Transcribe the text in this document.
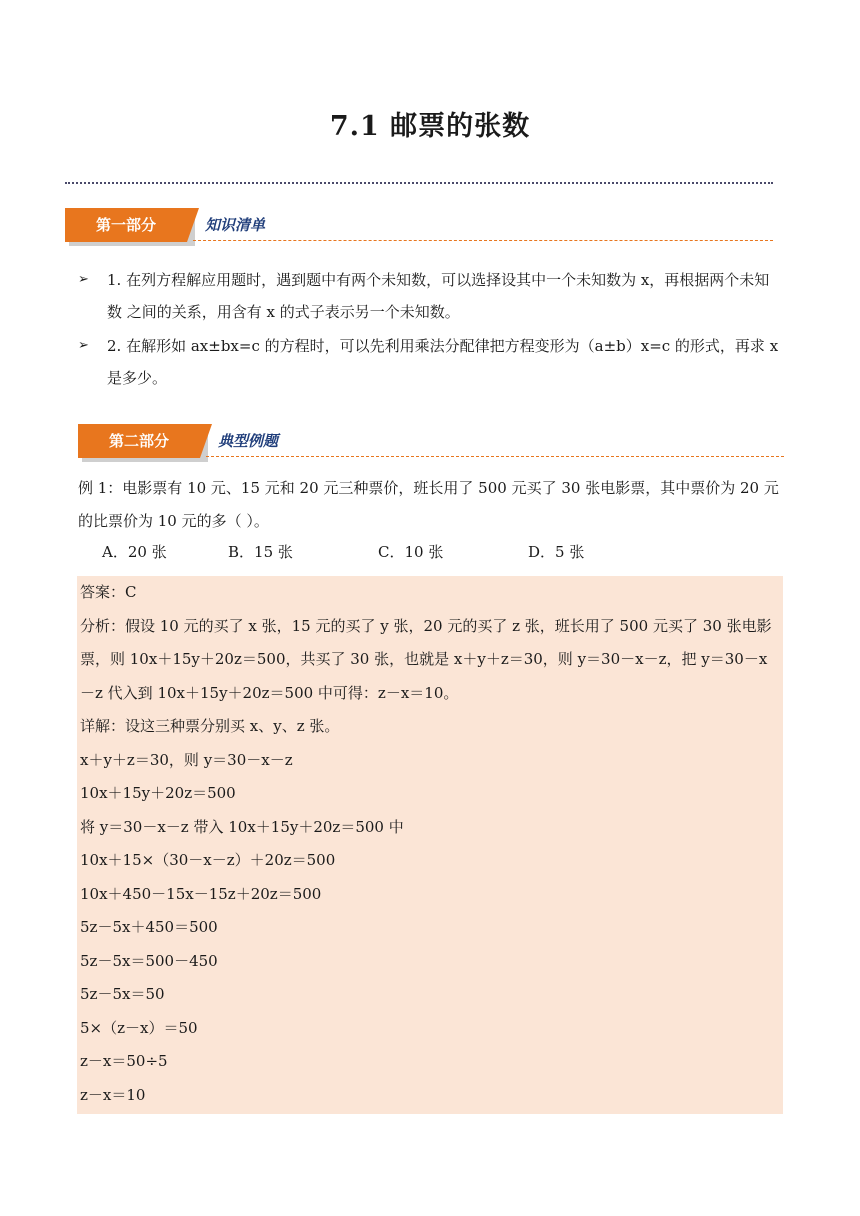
7.1 邮票的张数
第一部分	知识清单
➢ 1. 在列方程解应用题时，遇到题中有两个未知数，可以选择设其中一个未知数为 x，再根据两个未知数 之间的关系，用含有 x 的式子表示另一个未知数。
➢ 2. 在解形如 ax±bx=c 的方程时，可以先利用乘法分配律把方程变形为（a±b）x=c 的形式，再求 x 是多少。
第二部分	典型例题
例 1：电影票有 10 元、15 元和 20 元三种票价，班长用了 500 元买了 30 张电影票，其中票价为 20 元的比票价为 10 元的多（ ）。
A．20 张	B．15 张	C．10 张	D．5 张
答案：C
分析：假设 10 元的买了 x 张，15 元的买了 y 张，20 元的买了 z 张，班长用了 500 元买了 30 张电影票，则 10x＋15y＋20z＝500，共买了 30 张，也就是 x＋y＋z＝30，则 y＝30－x－z，把 y＝30－x－z 代入到 10x＋15y＋20z＝500 中可得：z－x＝10。
详解：设这三种票分别买 x、y、z 张。
x＋y＋z＝30，则 y＝30－x－z
10x＋15y＋20z＝500
将 y＝30－x－z 带入 10x＋15y＋20z＝500 中
10x＋15×（30－x－z）＋20z＝500
10x＋450－15x－15z＋20z＝500
5z－5x＋450＝500
5z－5x＝500－450
5z－5x＝50
5×（z－x）＝50
z－x＝50÷5
z－x＝10
